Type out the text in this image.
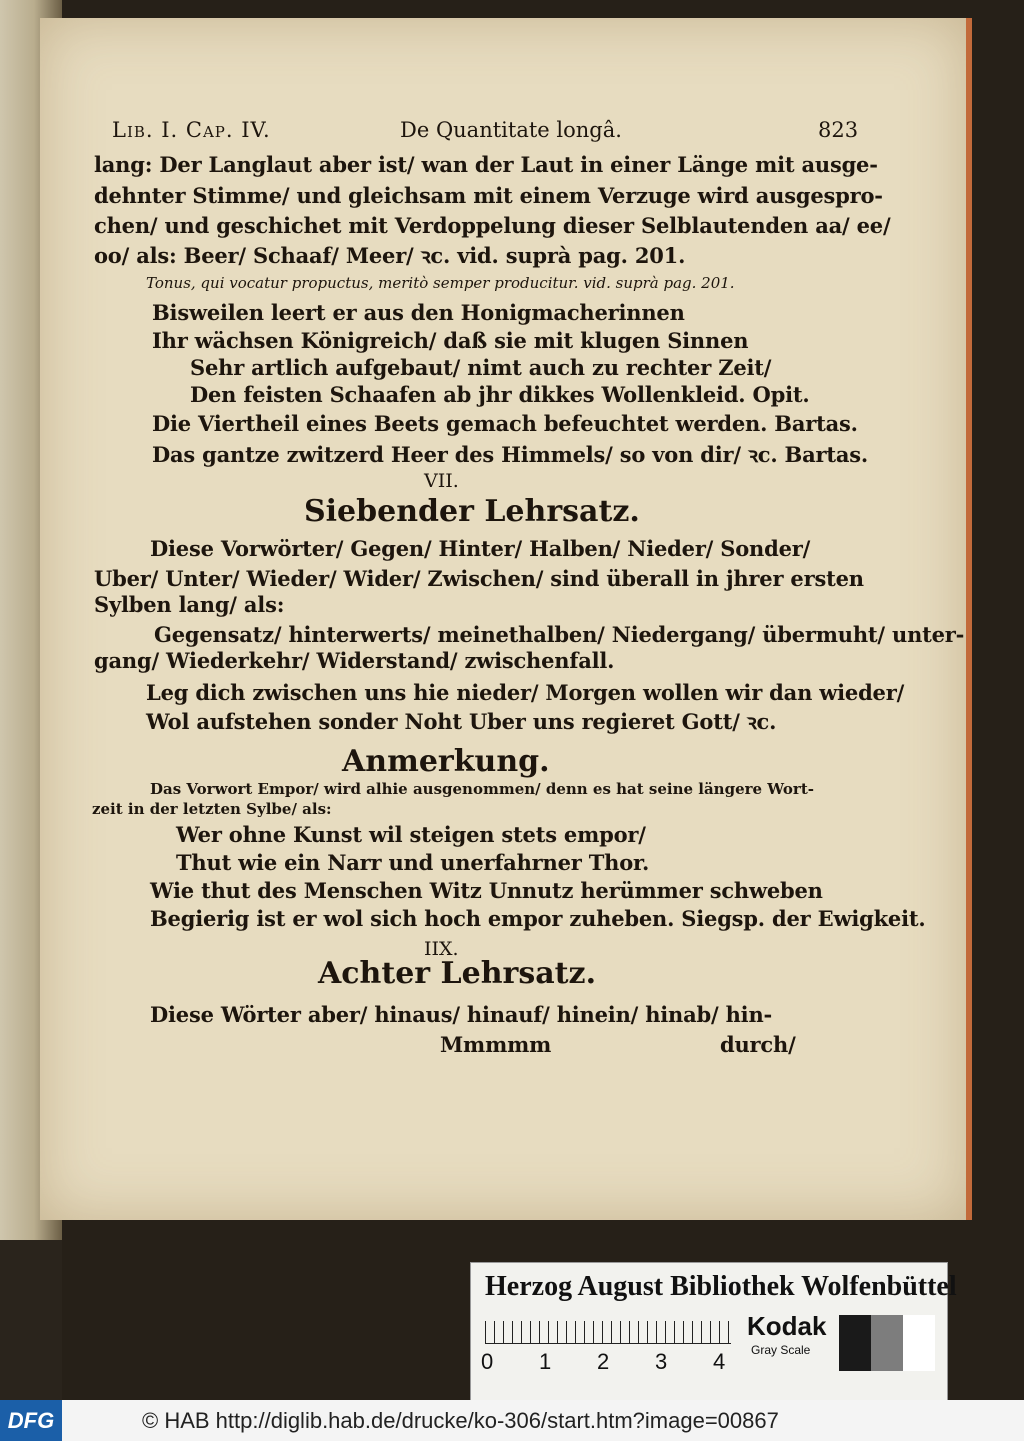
Lib. I. Cap. IV.	De Quantitate longâ.	823
lang: Der Langlaut aber ist/ wan der Laut in einer Länge mit ausge-
dehnter Stimme/ und gleichsam mit einem Verzuge wird ausgespro-
chen/ und geschichet mit Verdoppelung dieser Selblautenden aa/ ee/
oo/ als: Beer/ Schaaf/ Meer/ ꝛc. vid. suprà pag. 201.
Tonus, qui vocatur propuctus, meritò semper producitur. vid. suprà pag. 201.
Bisweilen leert er aus den Honigmacherinnen
Ihr wächsen Königreich/ daß sie mit klugen Sinnen
Sehr artlich aufgebaut/ nimt auch zu rechter Zeit/
Den feisten Schaafen ab jhr dikkes Wollenkleid. Opit.
Die Viertheil eines Beets gemach befeuchtet werden. Bartas.
Das gantze zwitzerd Heer des Himmels/ so von dir/ ꝛc. Bartas.
VII.
Siebender Lehrsatz.
Diese Vorwörter/ Gegen/ Hinter/ Halben/ Nieder/ Sonder/
Uber/ Unter/ Wieder/ Wider/ Zwischen/ sind überall in jhrer ersten
Sylben lang/ als:
Gegensatz/ hinterwerts/ meinethalben/ Niedergang/ übermuht/ unter-
gang/ Wiederkehr/ Widerstand/ zwischenfall.
Leg dich zwischen uns hie nieder/ Morgen wollen wir dan wieder/
Wol aufstehen sonder Noht Uber uns regieret Gott/ ꝛc.
Anmerkung.
Das Vorwort Empor/ wird alhie ausgenommen/ denn es hat seine längere Wort-
zeit in der letzten Sylbe/ als:
Wer ohne Kunst wil steigen stets empor/
Thut wie ein Narr und unerfahrner Thor.
Wie thut des Menschen Witz Unnutz herümmer schweben
Begierig ist er wol sich hoch empor zuheben. Siegsp. der Ewigkeit.
IIX.
Achter Lehrsatz.
Diese Wörter aber/ hinaus/ hinauf/ hinein/ hinab/ hin-
Mmmmm	durch/
Herzog August Bibliothek Wolfenbüttel
0 1 2 3 4
Kodak
Gray Scale
DFG	© HAB http://diglib.hab.de/drucke/ko-306/start.htm?image=00867
